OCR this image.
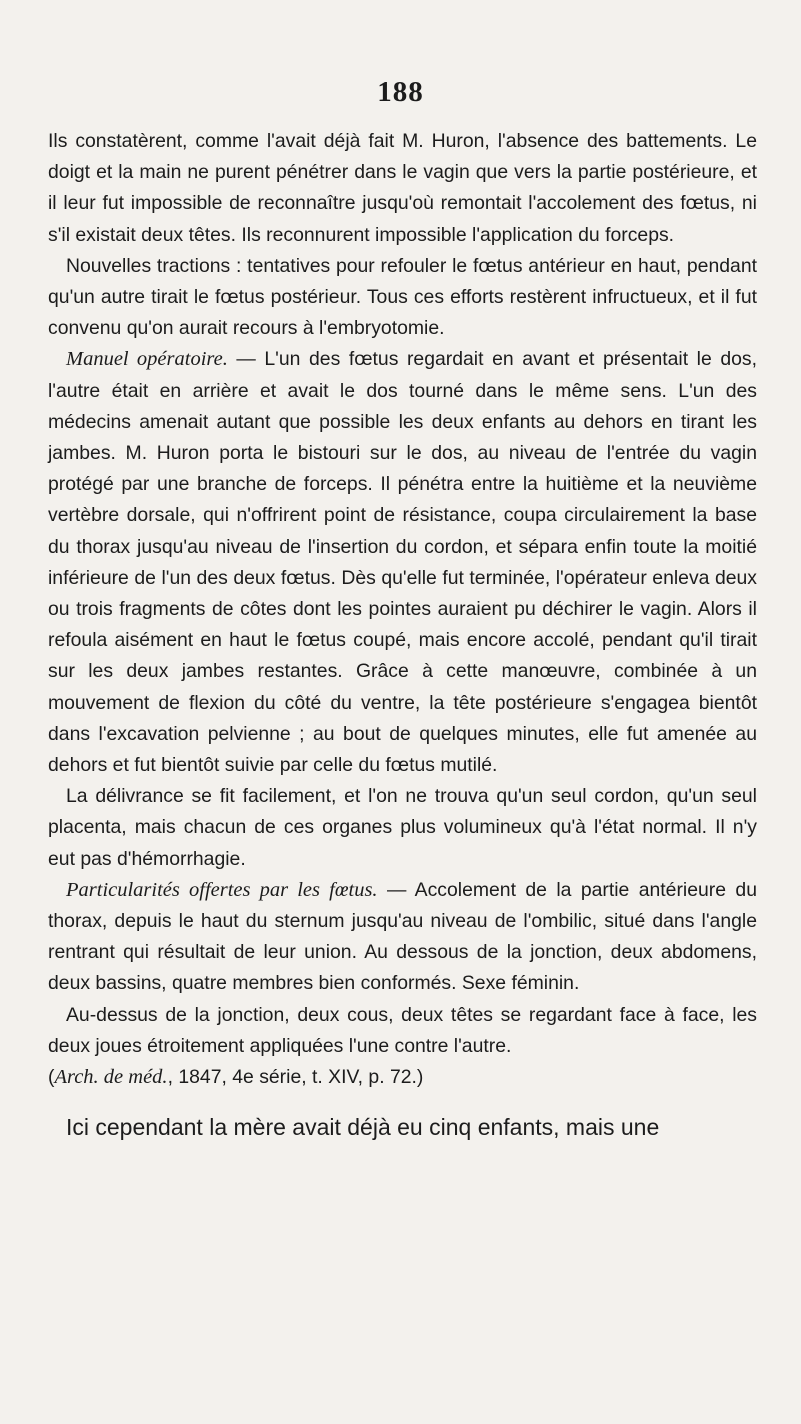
188

Ils constatèrent, comme l'avait déjà fait M. Huron, l'absence des battements. Le doigt et la main ne purent pénétrer dans le vagin que vers la partie postérieure, et il leur fut impossible de reconnaître jusqu'où remontait l'accolement des fœtus, ni s'il existait deux têtes. Ils reconnurent impossible l'application du forceps.

Nouvelles tractions : tentatives pour refouler le fœtus antérieur en haut, pendant qu'un autre tirait le fœtus postérieur. Tous ces efforts restèrent infructueux, et il fut convenu qu'on aurait recours à l'embryotomie.

Manuel opératoire. — L'un des fœtus regardait en avant et présentait le dos, l'autre était en arrière et avait le dos tourné dans le même sens. L'un des médecins amenait autant que possible les deux enfants au dehors en tirant les jambes. M. Huron porta le bistouri sur le dos, au niveau de l'entrée du vagin protégé par une branche de forceps. Il pénétra entre la huitième et la neuvième vertèbre dorsale, qui n'offrirent point de résistance, coupa circulairement la base du thorax jusqu'au niveau de l'insertion du cordon, et sépara enfin toute la moitié inférieure de l'un des deux fœtus. Dès qu'elle fut terminée, l'opérateur enleva deux ou trois fragments de côtes dont les pointes auraient pu déchirer le vagin. Alors il refoula aisément en haut le fœtus coupé, mais encore accolé, pendant qu'il tirait sur les deux jambes restantes. Grâce à cette manœuvre, combinée à un mouvement de flexion du côté du ventre, la tête postérieure s'engagea bientôt dans l'excavation pelvienne ; au bout de quelques minutes, elle fut amenée au dehors et fut bientôt suivie par celle du fœtus mutilé.

La délivrance se fit facilement, et l'on ne trouva qu'un seul cordon, qu'un seul placenta, mais chacun de ces organes plus volumineux qu'à l'état normal. Il n'y eut pas d'hémorrhagie.

Particularités offertes par les fœtus. — Accolement de la partie antérieure du thorax, depuis le haut du sternum jusqu'au niveau de l'ombilic, situé dans l'angle rentrant qui résultait de leur union. Au dessous de la jonction, deux abdomens, deux bassins, quatre membres bien conformés. Sexe féminin.

Au-dessus de la jonction, deux cous, deux têtes se regardant face à face, les deux joues étroitement appliquées l'une contre l'autre.

(Arch. de méd., 1847, 4e série, t. XIV, p. 72.)

Ici cependant la mère avait déjà eu cinq enfants, mais une
